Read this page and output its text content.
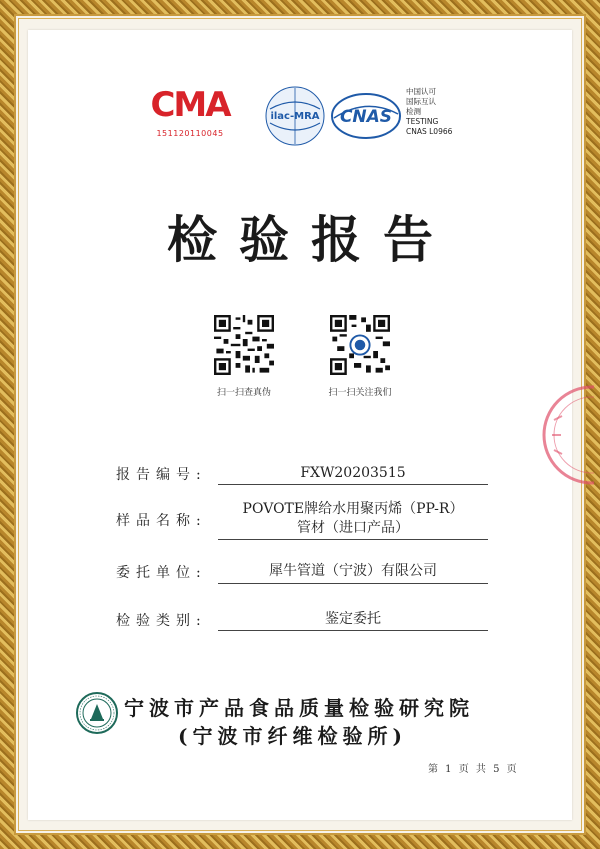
CMA
151120110045
ilac-MRA CNAS
中国认可
国际互认
检测
TESTING
CNAS L0966
检验报告
扫一扫查真伪	扫一扫关注我们
报告编号:	FXW20203515
样品名称:
POVOTE牌给水用聚丙烯（PP-R）
管材（进口产品）
委托单位:	犀牛管道（宁波）有限公司
检验类别:	鉴定委托
宁波市产品食品质量检验研究院
(宁波市纤维检验所)
第 1 页 共 5 页
